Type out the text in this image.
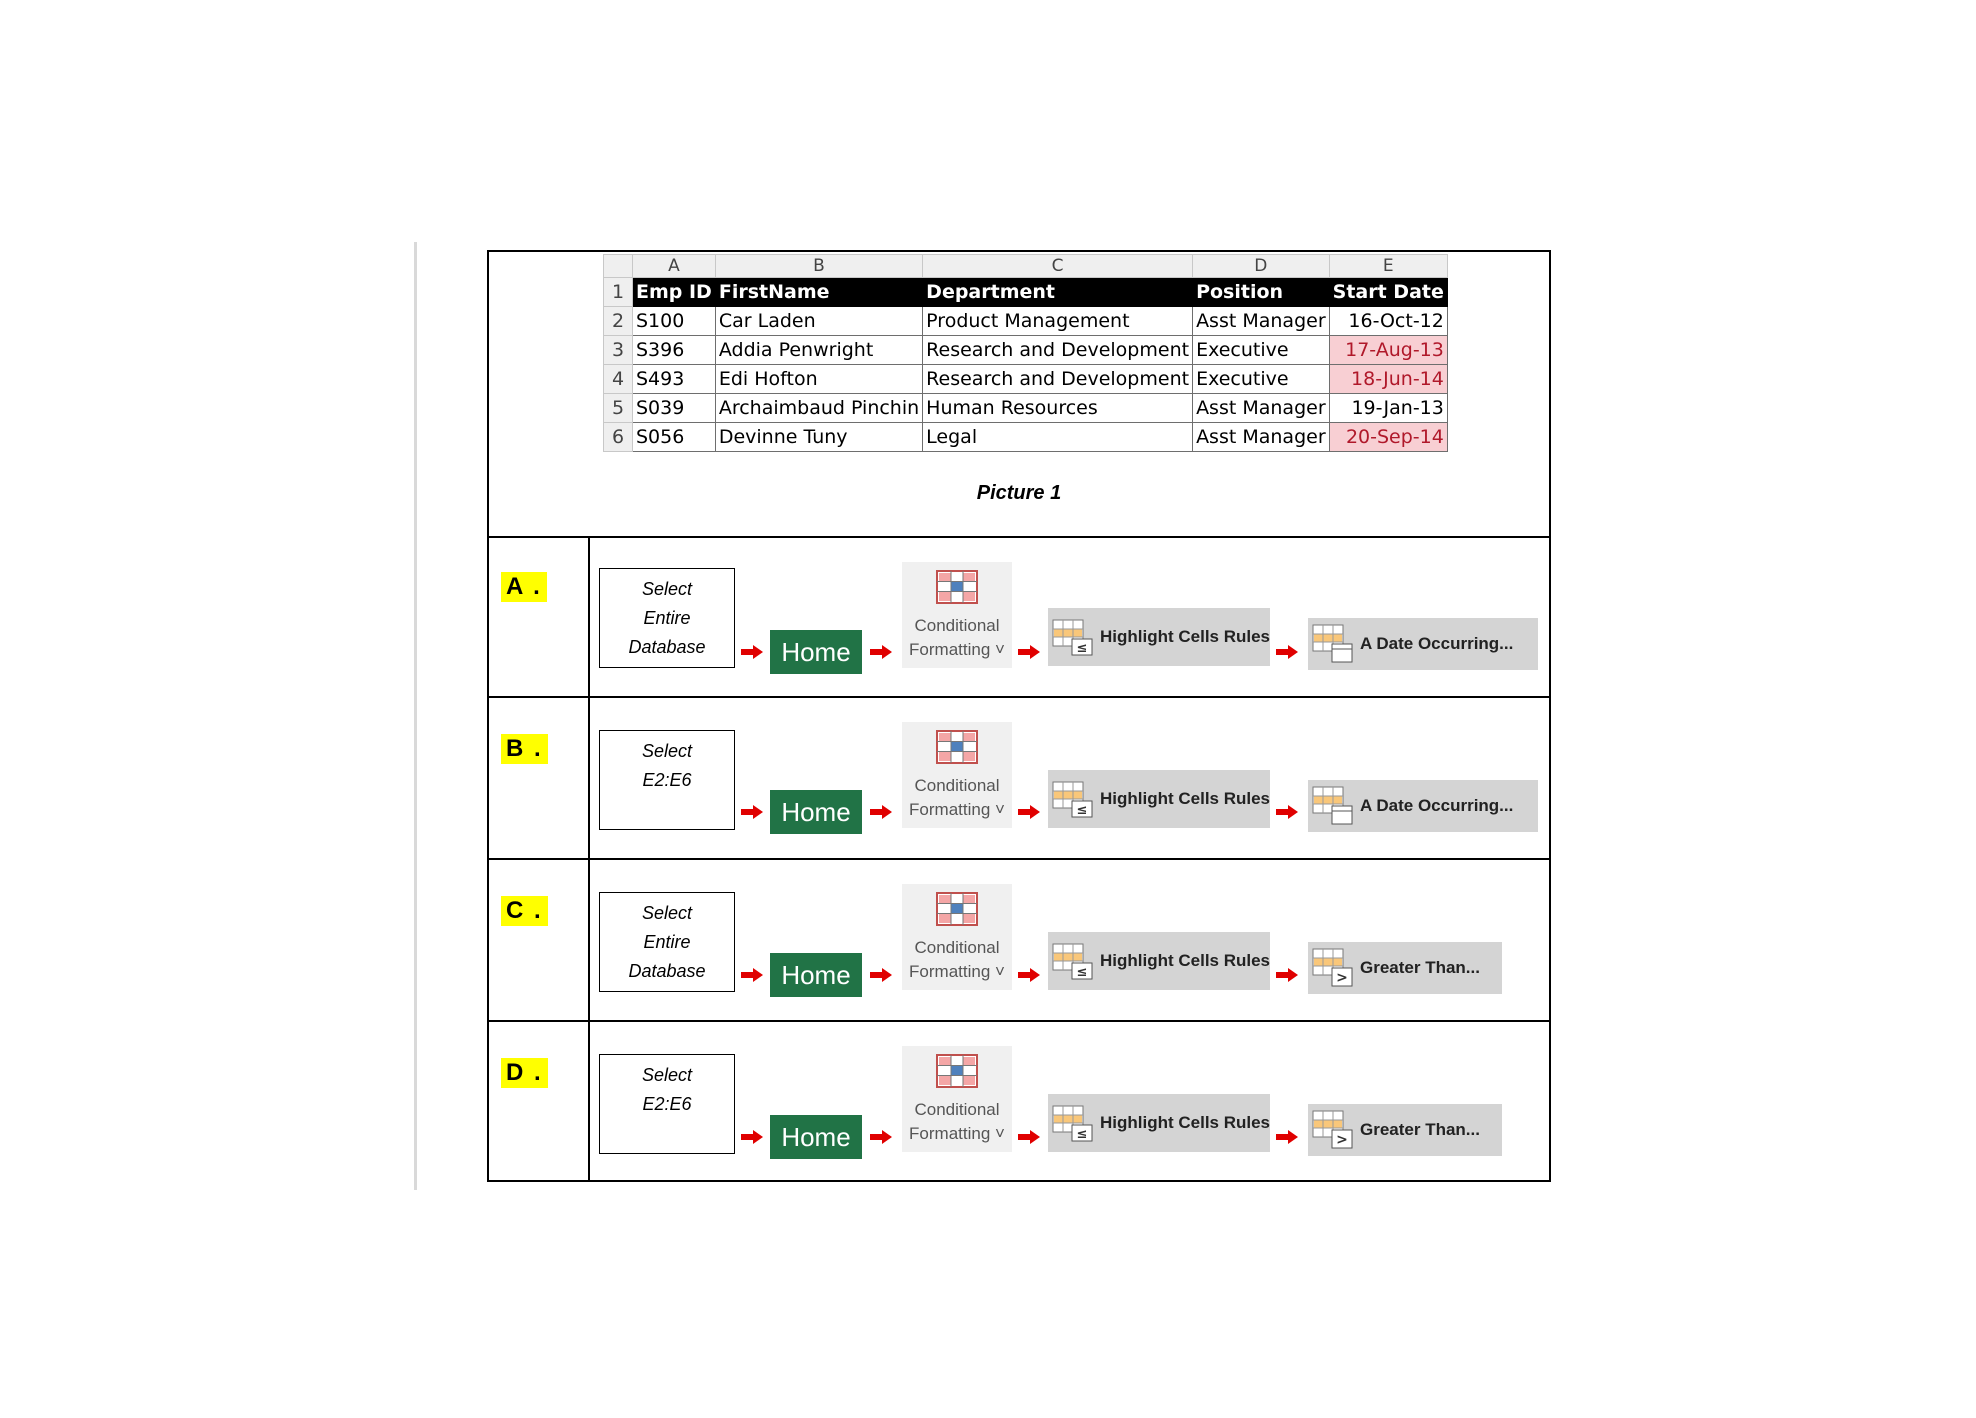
	A	B	C	D	E
1	Emp ID	FirstName	Department	Position	Start Date
2	S100	Car Laden	Product Management	Asst Manager	16-Oct-12
3	S396	Addia Penwright	Research and Development	Executive	17-Aug-13
4	S493	Edi Hofton	Research and Development	Executive	18-Jun-14
5	S039	Archaimbaud Pinchin	Human Resources	Asst Manager	19-Jan-13
6	S056	Devinne Tuny	Legal	Asst Manager	20-Sep-14
Picture 1
A .	Select
Entire
Database	Home
Conditional
Formatting ˅	≤
Highlight Cells Rules	A Date Occurring...
B .	Select
E2:E6
Home
Conditional
Formatting ˅	≤
Highlight Cells Rules	A Date Occurring...
C .	Select
Entire
Database	Home
Conditional
Formatting ˅	≤
Highlight Cells Rules
>
Greater Than...
D .	Select
E2:E6
Home
Conditional
Formatting ˅	≤
Highlight Cells Rules
>
Greater Than...
